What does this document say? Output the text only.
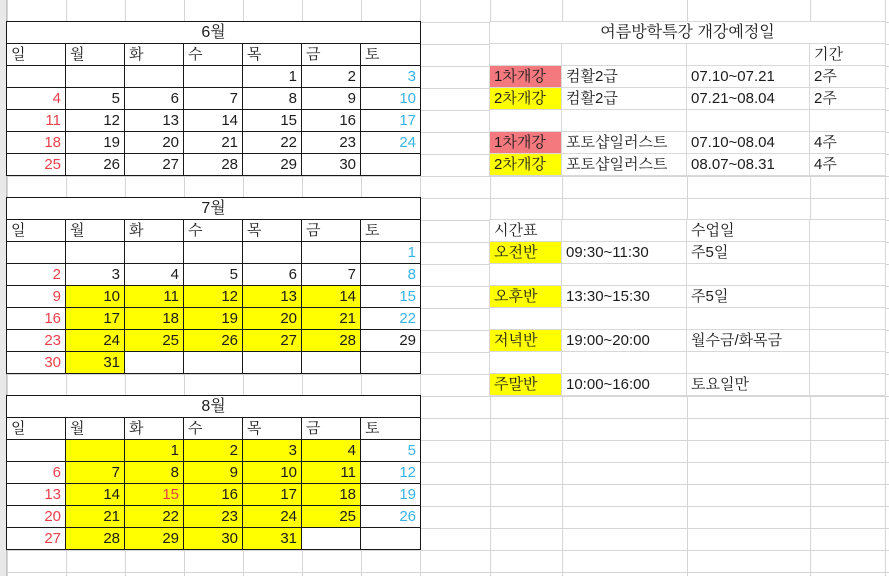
6월						
일	월	화	수	목	금	토
				1	2	3
4	5	6	7	8	9	10
11	12	13	14	15	16	17
18	19	20	21	22	23	24
25	26	27	28	29	30	
7월						
일	월	화	수	목	금	토
						1
2	3	4	5	6	7	8
9	10	11	12	13	14	15
16	17	18	19	20	21	22
23	24	25	26	27	28	29
30	31					
8월						
일	월	화	수	목	금	토
		1	2	3	4	5
6	7	8	9	10	11	12
13	14	15	16	17	18	19
20	21	22	23	24	25	26
27	28	29	30	31		
여름방학특강 개강예정일			
			기간
1차개강	컴활2급	07.10~07.21	2주
2차개강	컴활2급	07.21~08.04	2주

1차개강	포토샵일러스트	07.10~08.04	4주
2차개강	포토샵일러스트	08.07~08.31	4주
시간표		수업일	
오전반	09:30~11:30	주5일	

오후반	13:30~15:30	주5일	

저녁반	19:00~20:00	월수금/화목금	

주말반	10:00~16:00	토요일만	
